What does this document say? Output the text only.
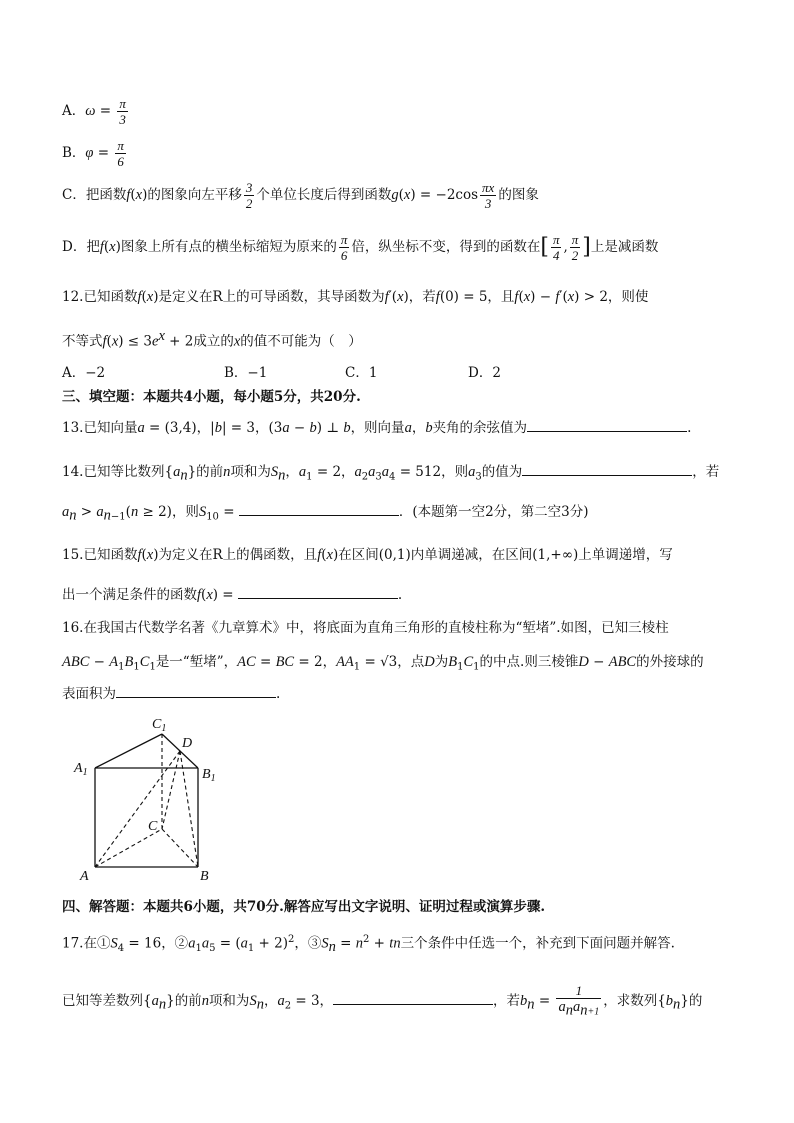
A．$\omega = \frac{\pi}{3}$
B．$\varphi = \frac{\pi}{6}$
C．把函数f(x)的图象向左平移 $\frac{3}{2}$ 个单位长度后得到函数$g(x) = -2\cos \frac{\pi x}{3}$ 的图象
D．把f(x)图象上所有点的横坐标缩短为原来的 $\frac{\pi}{6}$ 倍，纵坐标不变，得到的函数在[ $\frac{\pi}{4}$ , $\frac{\pi}{2}$ ]上是减函数
12.已知函数f(x)是定义在R上的可导函数，其导函数为f′(x)，若f(0) = 5，且f(x) − f′(x) > 2，则使
不等式$f(x) \le 3e^x + 2$成立的x的值不可能为（　）
A．−2	B．−1	C．1	D．2
三、填空题：本题共4小题，每小题5分，共20分.
13.已知向量a = (3,4)，|b| = 3，(3a − b) ⊥ b，则向量a，b夹角的余弦值为	.
14.已知等比数列$\{a_n\}$的前n项和为$S_n$，$a_1 = 2$，$a_2a_3a_4 = 512$，则$a_3$的值为	，若
$a_n > a_{n-1}(n \ge 2)$，则$S_{10}$ =	．(本题第一空2分，第二空3分)
15.已知函数f(x)为定义在R上的偶函数，且f(x)在区间(0,1)内单调递减，在区间(1,+∞)上单调递增，写
出一个满足条件的函数f(x) =	.
16.在我国古代数学名著《九章算术》中，将底面为直角三角形的直棱柱称为“堑堵”.如图，已知三棱柱
ABC − $A_1B_1C_1$是一“堑堵”，AC = BC = 2，$AA_1 = √3$，点D为$B_1C_1$的中点.则三棱锥D − ABC的外接球的
表面积为	.
$C_1$
D
$A_1$	$B_1$
C
A	B
四、解答题：本题共6小题，共70分.解答应写出文字说明、证明过程或演算步骤.
17.在$①S_4 = 16$，$②a_1a_5 = (a_1 + 2)^2$，$③S_n = n^2$ + tn三个条件中任选一个，补充到下面问题并解答.
已知等差数列$\{a_n\}$的前n项和为$S_n$，$a_2 = 3$，	，若$b_n = \frac{1}{a_na_{n+1}}$ ，求数列$\{b_n\}$的
